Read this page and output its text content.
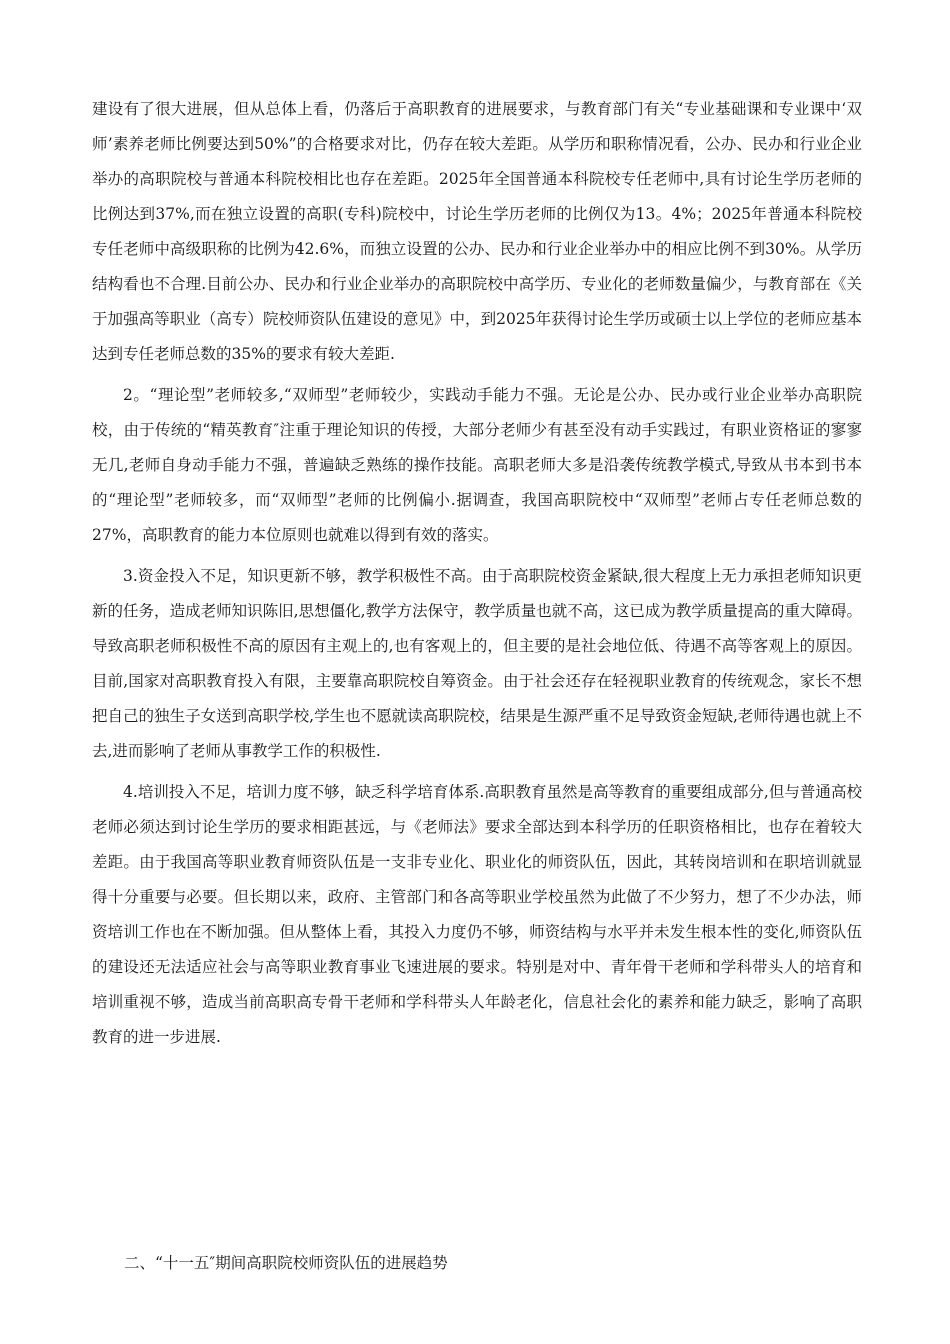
建设有了很大进展，但从总体上看，仍落后于高职教育的进展要求，与教育部门有关“专业基础课和专业课中‘双师’素养老师比例要达到50%”的合格要求对比，仍存在较大差距。从学历和职称情况看，公办、民办和行业企业举办的高职院校与普通本科院校相比也存在差距。2025年全国普通本科院校专任老师中,具有讨论生学历老师的比例达到37%,而在独立设置的高职(专科)院校中，讨论生学历老师的比例仅为13。4%；2025年普通本科院校专任老师中高级职称的比例为42.6%，而独立设置的公办、民办和行业企业举办中的相应比例不到30%。从学历结构看也不合理.目前公办、民办和行业企业举办的高职院校中高学历、专业化的老师数量偏少，与教育部在《关于加强高等职业（高专）院校师资队伍建设的意见》中，到2025年获得讨论生学历或硕士以上学位的老师应基本达到专任老师总数的35%的要求有较大差距.

2。“理论型”老师较多,“双师型”老师较少，实践动手能力不强。无论是公办、民办或行业企业举办高职院校，由于传统的“精英教育″注重于理论知识的传授，大部分老师少有甚至没有动手实践过，有职业资格证的寥寥无几,老师自身动手能力不强，普遍缺乏熟练的操作技能。高职老师大多是沿袭传统教学模式,导致从书本到书本的“理论型”老师较多，而“双师型”老师的比例偏小.据调查，我国高职院校中“双师型”老师占专任老师总数的27%，高职教育的能力本位原则也就难以得到有效的落实。

3.资金投入不足，知识更新不够，教学积极性不高。由于高职院校资金紧缺,很大程度上无力承担老师知识更新的任务，造成老师知识陈旧,思想僵化,教学方法保守，教学质量也就不高，这已成为教学质量提高的重大障碍。导致高职老师积极性不高的原因有主观上的,也有客观上的，但主要的是社会地位低、待遇不高等客观上的原因。目前,国家对高职教育投入有限，主要靠高职院校自筹资金。由于社会还存在轻视职业教育的传统观念，家长不想把自己的独生子女送到高职学校,学生也不愿就读高职院校，结果是生源严重不足导致资金短缺,老师待遇也就上不去,进而影响了老师从事教学工作的积极性.

4.培训投入不足，培训力度不够，缺乏科学培育体系.高职教育虽然是高等教育的重要组成部分,但与普通高校老师必须达到讨论生学历的要求相距甚远，与《老师法》要求全部达到本科学历的任职资格相比，也存在着较大差距。由于我国高等职业教育师资队伍是一支非专业化、职业化的师资队伍，因此，其转岗培训和在职培训就显得十分重要与必要。但长期以来，政府、主管部门和各高等职业学校虽然为此做了不少努力，想了不少办法，师资培训工作也在不断加强。但从整体上看，其投入力度仍不够，师资结构与水平并未发生根本性的变化,师资队伍的建设还无法适应社会与高等职业教育事业飞速进展的要求。特别是对中、青年骨干老师和学科带头人的培育和培训重视不够，造成当前高职高专骨干老师和学科带头人年龄老化，信息社会化的素养和能力缺乏，影响了高职教育的进一步进展.

二、“十一五″期间高职院校师资队伍的进展趋势
